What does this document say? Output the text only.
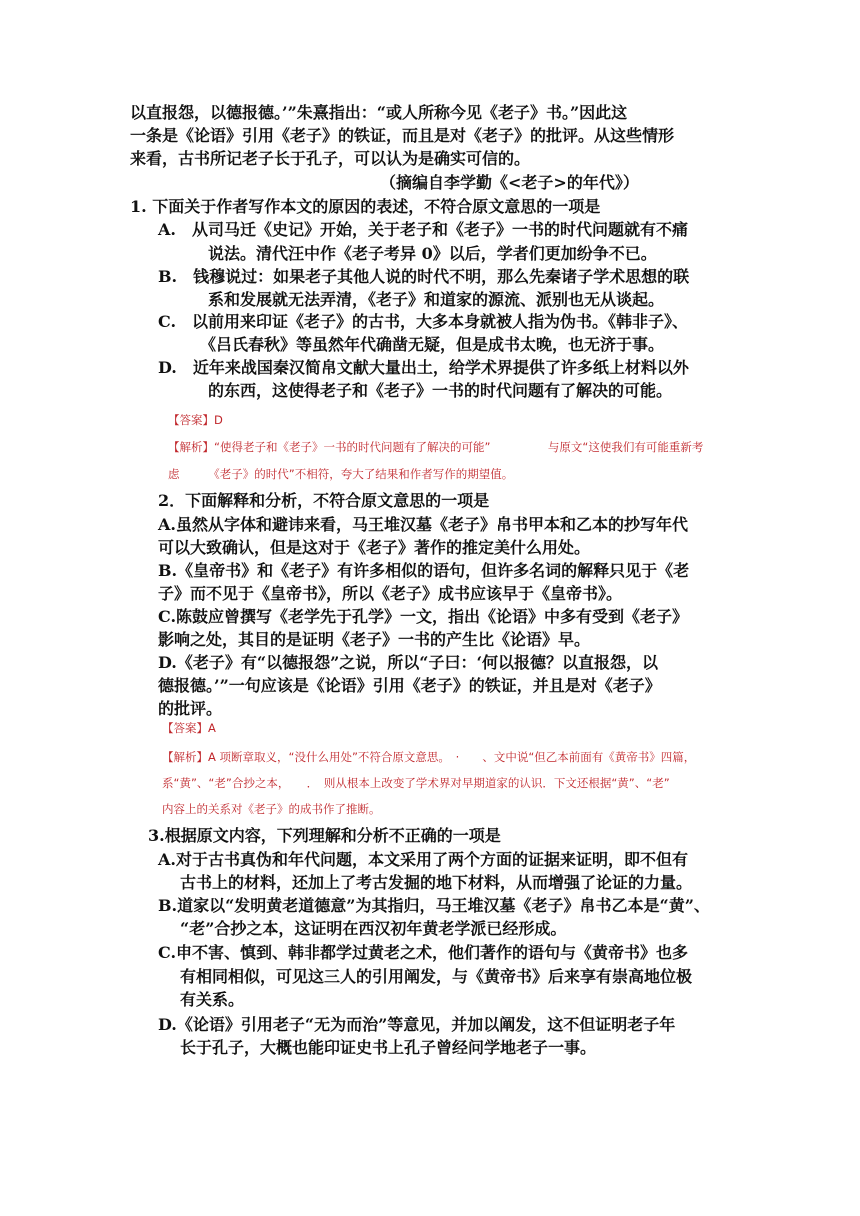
以直报怨，以德报德。’”朱熹指出：“或人所称今见《老子》书。”因此这
一条是《论语》引用《老子》的铁证，而且是对《老子》的批评。从这些情形
来看，古书所记老子长于孔子，可以认为是确实可信的。
（摘编自李学勤《<老子>的年代》）
1. 下面关于作者写作本文的原因的表述，不符合原文意思的一项是
A.　从司马迁《史记》开始，关于老子和《老子》一书的时代问题就有不痛
说法。清代汪中作《老子考异 0》以后，学者们更加纷争不已。
B.　钱穆说过：如果老子其他人说的时代不明，那么先秦诸子学术思想的联
系和发展就无法弄清，《老子》和道家的源流、派别也无从谈起。
C.　以前用来印证《老子》的古书，大多本身就被人指为伪书。《韩非子》、
《吕氏春秋》等虽然年代确凿无疑，但是成书太晚，也无济于事。
D.　近年来战国秦汉简帛文献大量出土，给学术界提供了许多纸上材料以外
的东西，这使得老子和《老子》一书的时代问题有了解决的可能。
【答案】D
【解析】“使得老子和《老子》一书的时代问题有了解决的可能”　　　　　与原文“这使我们有可能重新考
虑　　　《老子》的时代”不相符，夸大了结果和作者写作的期望值。
2．下面解释和分析，不符合原文意思的一项是
A.虽然从字体和避讳来看，马王堆汉墓《老子》帛书甲本和乙本的抄写年代
可以大致确认，但是这对于《老子》著作的推定美什么用处。
B.《皇帝书》和《老子》有许多相似的语句，但许多名词的解释只见于《老
子》而不见于《皇帝书》，所以《老子》成书应该早于《皇帝书》。
C.陈鼓应曾撰写《老学先于孔学》一文，指出《论语》中多有受到《老子》
影响之处，其目的是证明《老子》一书的产生比《论语》早。
D.《老子》有“以德报怨”之说，所以“子曰：‘何以报德？以直报怨，以
德报德。’”一句应该是《论语》引用《老子》的铁证，并且是对《老子》
的批评。
【答案】A
【解析】A 项断章取义，“没什么用处”不符合原文意思。　·　　、文中说“但乙本前面有《黄帝书》四篇，
系“黄”、“老”合抄之本，　　．　则从根本上改变了学术界对早期道家的认识．下文还根据“黄”、“老”
内容上的关系对《老子》的成书作了推断。
3.根据原文内容，下列理解和分析不正确的一项是
A.对于古书真伪和年代问题，本文采用了两个方面的证据来证明，即不但有
古书上的材料，还加上了考古发掘的地下材料，从而增强了论证的力量。
B.道家以“发明黄老道德意”为其指归，马王堆汉墓《老子》帛书乙本是“黄”、
“老”合抄之本，这证明在西汉初年黄老学派已经形成。
C.申不害、慎到、韩非都学过黄老之术，他们著作的语句与《黄帝书》也多
有相同相似，可见这三人的引用阐发，与《黄帝书》后来享有崇高地位极
有关系。
D.《论语》引用老子“无为而治”等意见，并加以阐发，这不但证明老子年
长于孔子，大概也能印证史书上孔子曾经问学地老子一事。
